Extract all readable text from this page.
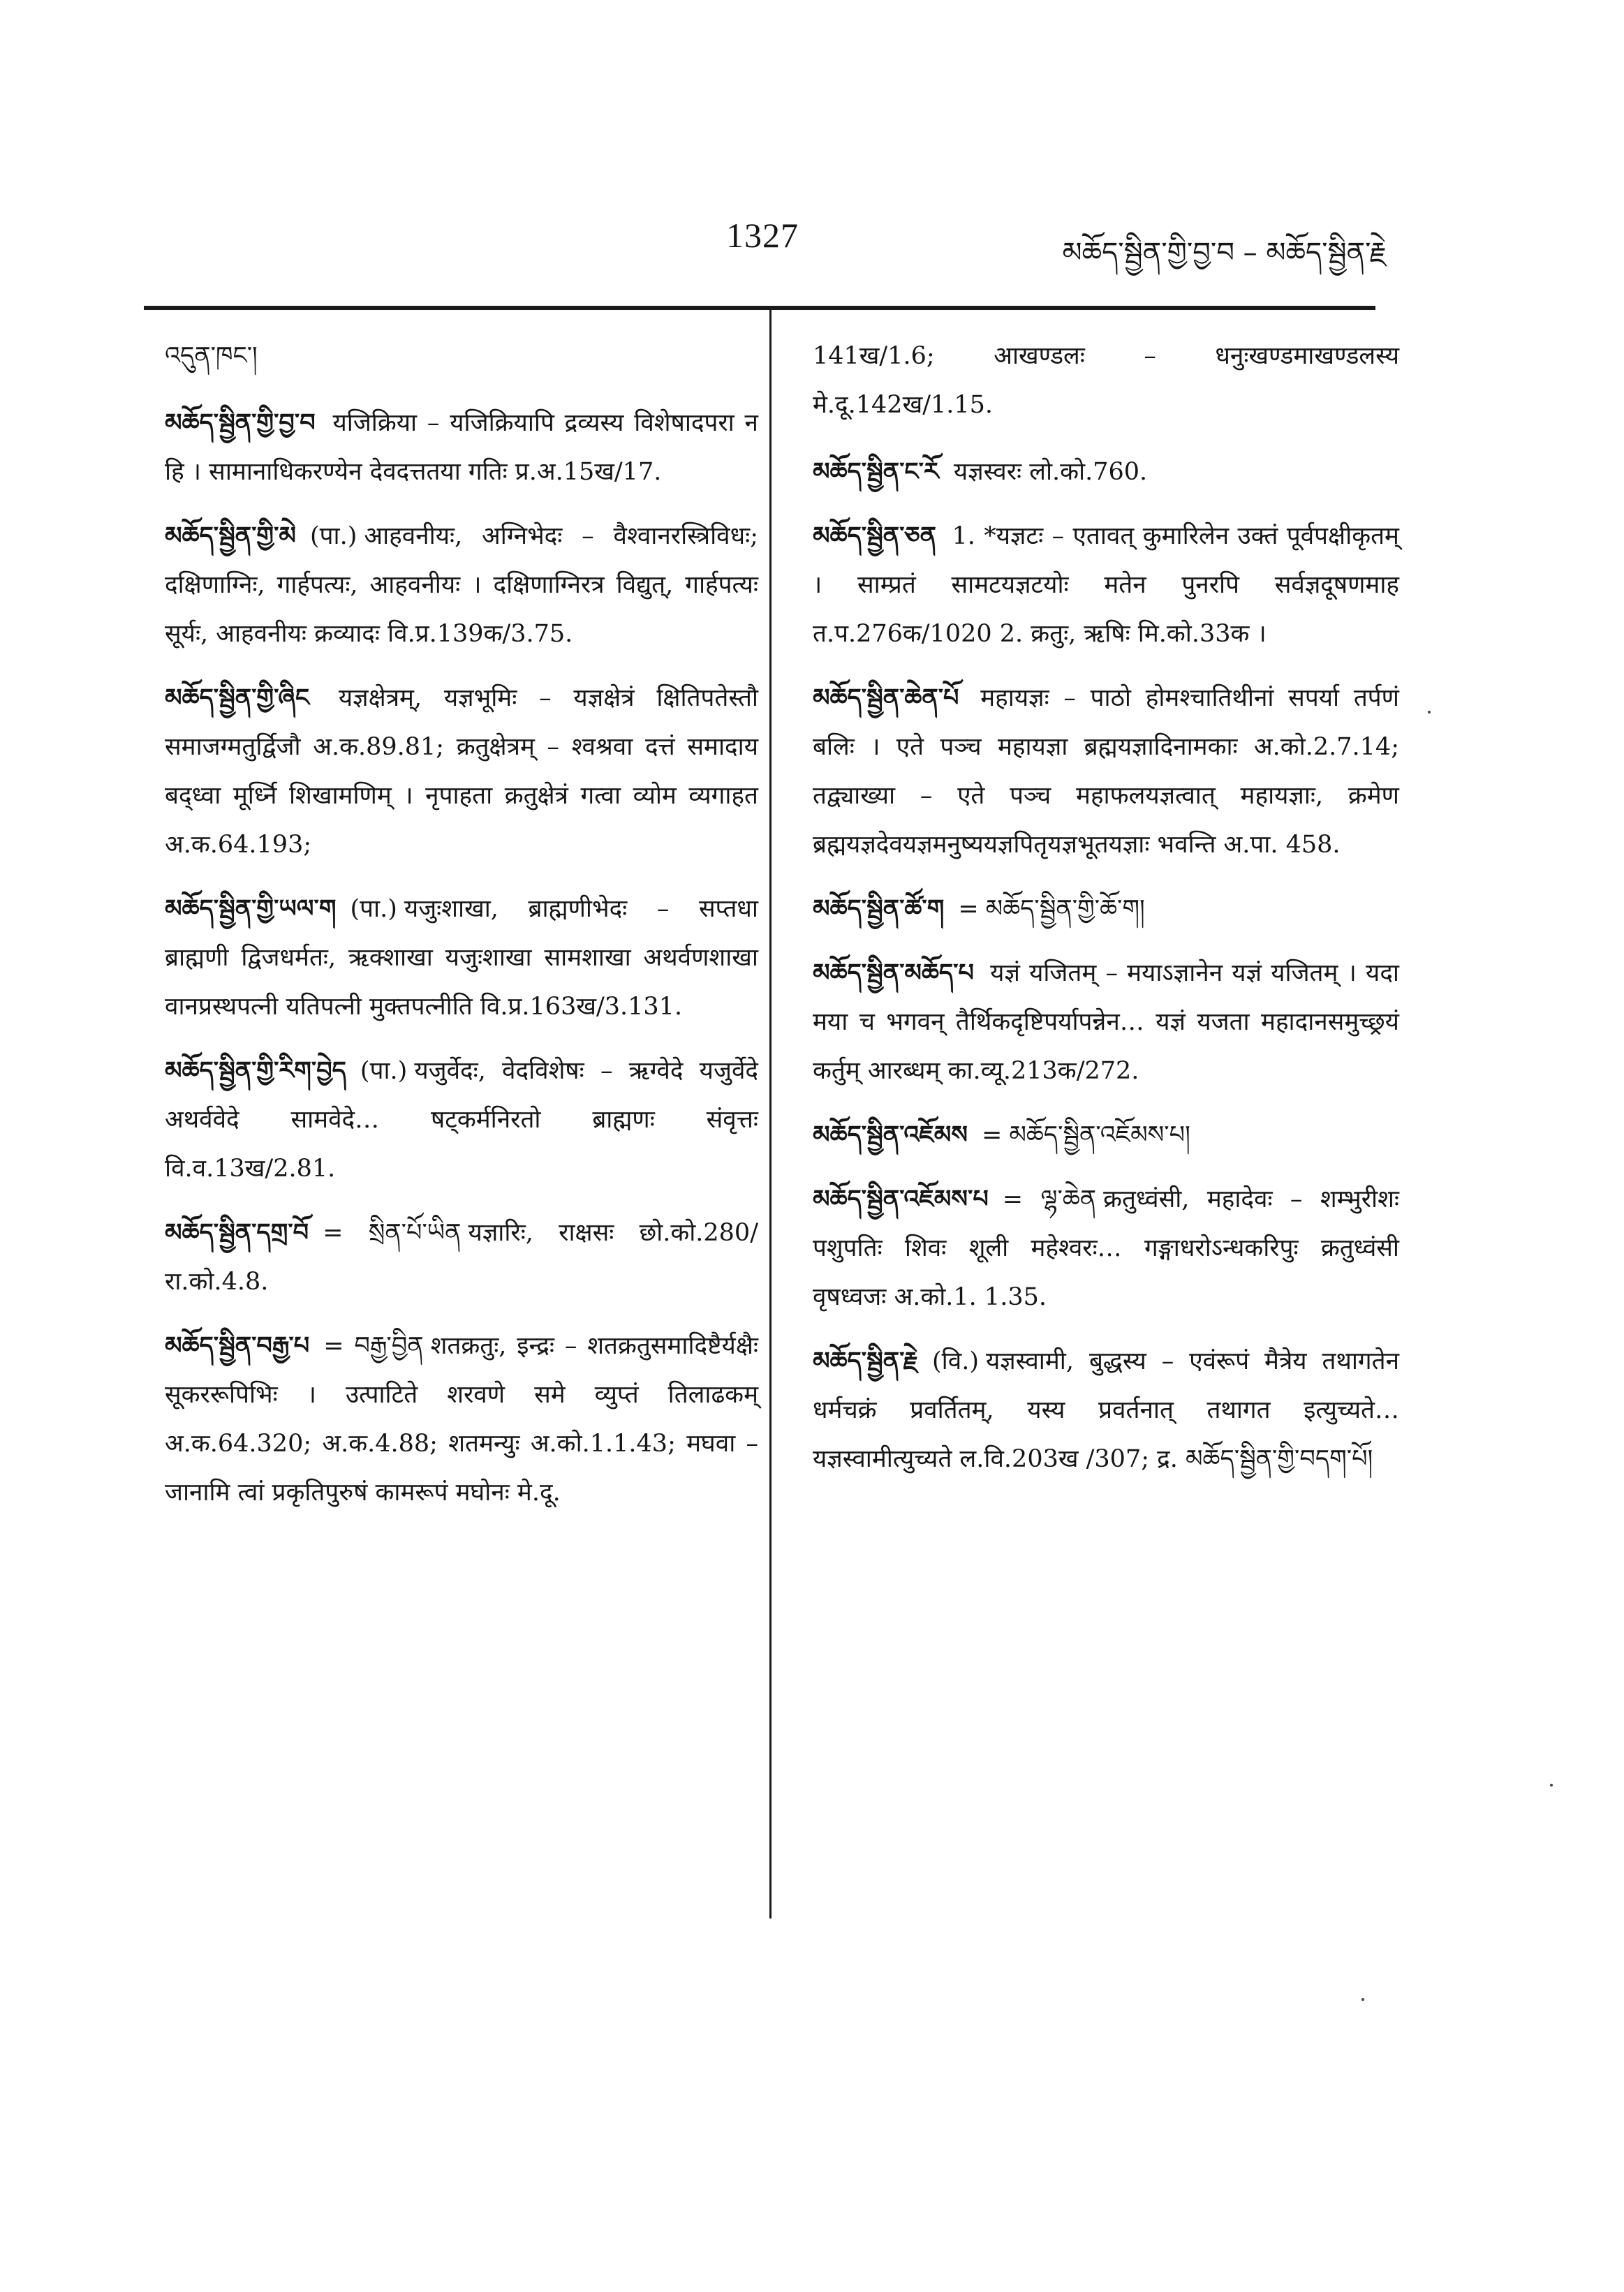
1327	མཆོད་སྦྱིན་གྱི་བྱ་བ – མཆོད་སྦྱིན་རྗེ
འདུན་ཁང་།
མཆོད་སྦྱིན་གྱི་བྱ་བ यजिक्रिया – यजिक्रियापि द्रव्यस्य विशेषादपरा न हि । सामानाधिकरण्येन देवदत्ततया गतिः प्र.अ.15ख/17.
མཆོད་སྦྱིན་གྱི་མེ (पा.) आहवनीयः, अग्निभेदः – वैश्वानरस्त्रिविधः; दक्षिणाग्निः, गार्हपत्यः, आहवनीयः । दक्षिणाग्निरत्र विद्युत्, गार्हपत्यः सूर्यः, आहवनीयः क्रव्यादः वि.प्र.139क/3.75.
མཆོད་སྦྱིན་གྱི་ཞིང यज्ञक्षेत्रम्, यज्ञभूमिः – यज्ञक्षेत्रं क्षितिपतेस्तौ समाजग्मतुर्द्विजौ अ.क.89.81; क्रतुक्षेत्रम् – श्वश्रवा दत्तं समादाय बद्ध्वा मूर्ध्नि शिखामणिम् । नृपाहता क्रतुक्षेत्रं गत्वा व्योम व्यगाहत अ.क.64.193;
མཆོད་སྦྱིན་གྱི་ཡལ་ག (पा.) यजुःशाखा, ब्राह्मणीभेदः – सप्तधा ब्राह्मणी द्विजधर्मतः, ऋक्शाखा यजुःशाखा सामशाखा अथर्वणशाखा वानप्रस्थपत्नी यतिपत्नी मुक्तपत्नीति वि.प्र.163ख/3.131.
མཆོད་སྦྱིན་གྱི་རིག་བྱེད (पा.) यजुर्वेदः, वेदविशेषः – ऋग्वेदे यजुर्वेदे अथर्ववेदे सामवेदे… षट्कर्मनिरतो ब्राह्मणः संवृत्तः वि.व.13ख/2.81.
མཆོད་སྦྱིན་དགྲ་བོ = སྲིན་པོ་ཡིན यज्ञारिः, राक्षसः छो.को.280/रा.को.4.8.
མཆོད་སྦྱིན་བརྒྱ་པ = བརྒྱ་བྱིན शतक्रतुः, इन्द्रः – शतक्रतुसमादिष्टैर्यक्षैः सूकररूपिभिः । उत्पाटिते शरवणे समे व्युप्तं तिलाढकम् अ.क.64.320; अ.क.4.88; शतमन्युः अ.को.1.1.43; मघवा – जानामि त्वां प्रकृतिपुरुषं कामरूपं मघोनः मे.दू.
141ख/1.6; आखण्डलः – धनुःखण्डमाखण्डलस्य मे.दू.142ख/1.15.
མཆོད་སྦྱིན་ང་རོ यज्ञस्वरः लो.को.760.
མཆོད་སྦྱིན་ཅན 1. *यज्ञटः – एतावत् कुमारिलेन उक्तं पूर्वपक्षीकृतम् । साम्प्रतं सामटयज्ञटयोः मतेन पुनरपि सर्वज्ञदूषणमाह त.प.276क/1020 2. क्रतुः, ऋषिः मि.को.33क ।
མཆོད་སྦྱིན་ཆེན་པོ महायज्ञः – पाठो होमश्चातिथीनां सपर्या तर्पणं बलिः । एते पञ्च महायज्ञा ब्रह्मयज्ञादिनामकाः अ.को.2.7.14; तद्व्याख्या – एते पञ्च महाफलयज्ञत्वात् महायज्ञाः, क्रमेण ब्रह्मयज्ञदेवयज्ञमनुष्ययज्ञपितृयज्ञभूतयज्ञाः भवन्ति अ.पा. 458.
མཆོད་སྦྱིན་ཚོ་ག = མཆོད་སྦྱིན་གྱི་ཆོ་ག།
མཆོད་སྦྱིན་མཆོད་པ यज्ञं यजितम् – मयाऽज्ञानेन यज्ञं यजितम् । यदा मया च भगवन् तैर्थिकदृष्टिपर्यापन्नेन… यज्ञं यजता महादानसमुच्छ्रयं कर्तुम् आरब्धम् का.व्यू.213क/272.
མཆོད་སྦྱིན་འཇོམས = མཆོད་སྦྱིན་འཇོམས་པ།
མཆོད་སྦྱིན་འཇོམས་པ = ལྷ་ཆེན क्रतुध्वंसी, महादेवः – शम्भुरीशः पशुपतिः शिवः शूली महेश्वरः… गङ्गाधरोऽन्धकरिपुः क्रतुध्वंसी वृषध्वजः अ.को.1. 1.35.
མཆོད་སྦྱིན་རྗེ (वि.) यज्ञस्वामी, बुद्धस्य – एवंरूपं मैत्रेय तथागतेन धर्मचक्रं प्रवर्तितम्, यस्य प्रवर्तनात् तथागत इत्युच्यते… यज्ञस्वामीत्युच्यते ल.वि.203ख /307; द्र. མཆོད་སྦྱིན་གྱི་བདག་པོ།
